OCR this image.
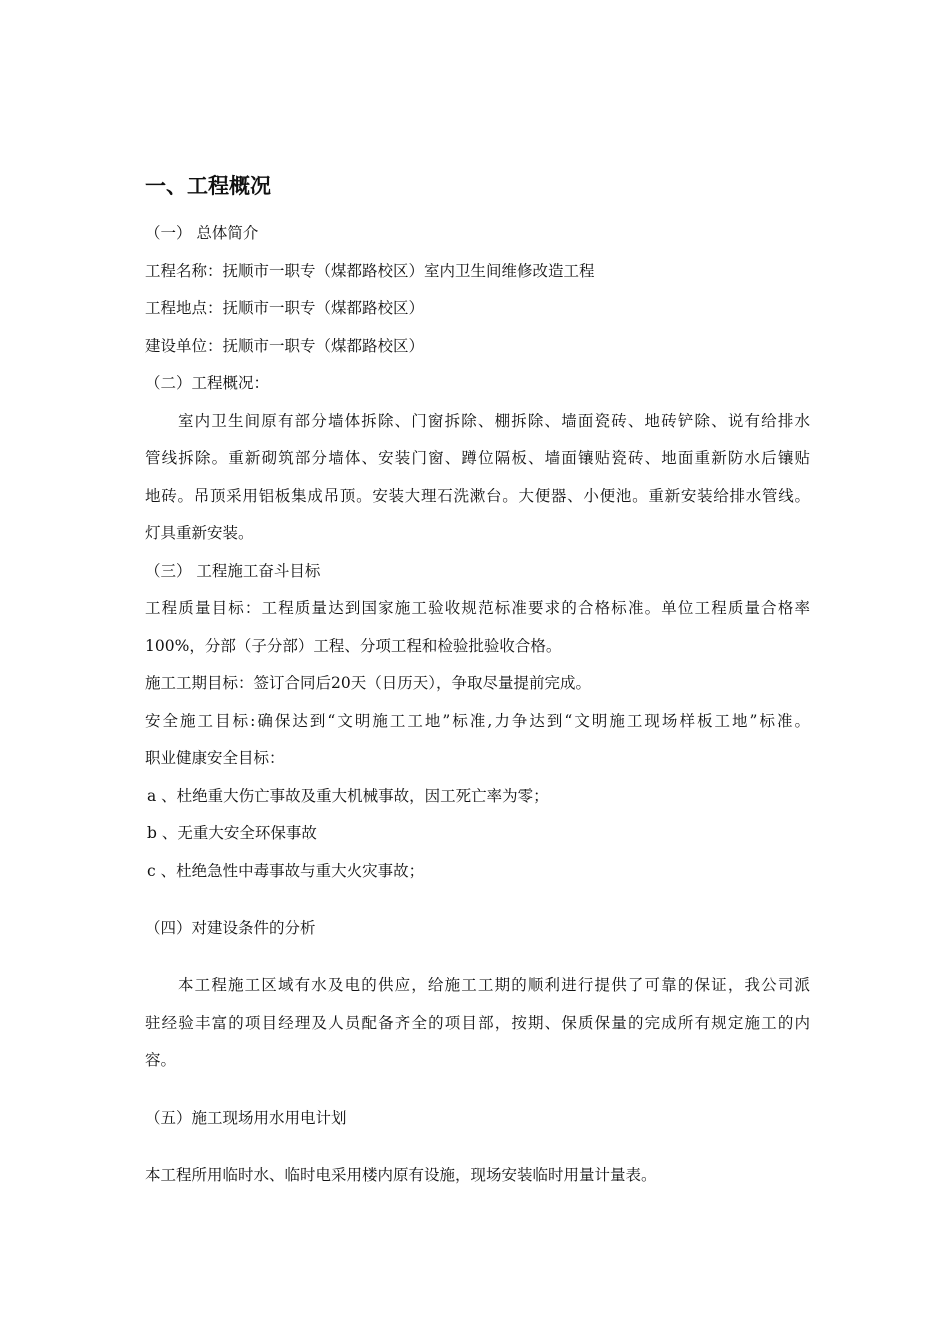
一、工程概况
（一） 总体简介
工程名称：抚顺市一职专（煤都路校区）室内卫生间维修改造工程
工程地点：抚顺市一职专（煤都路校区）
建设单位：抚顺市一职专（煤都路校区）
（二）工程概况：
室内卫生间原有部分墙体拆除、门窗拆除、棚拆除、墙面瓷砖、地砖铲除、说有给排水
管线拆除。重新砌筑部分墙体、安装门窗、蹲位隔板、墙面镶贴瓷砖、地面重新防水后镶贴
地砖。吊顶采用铝板集成吊顶。安装大理石洗漱台。大便器、小便池。重新安装给排水管线。
灯具重新安装。
（三） 工程施工奋斗目标
工程质量目标：工程质量达到国家施工验收规范标准要求的合格标准。单位工程质量合格率
100%，分部（子分部）工程、分项工程和检验批验收合格。
施工工期目标：签订合同后20天（日历天），争取尽量提前完成。
安全施工目标:确保达到“文明施工工地”标准,力争达到“文明施工现场样板工地”标准。
职业健康安全目标：
a 、杜绝重大伤亡事故及重大机械事故，因工死亡率为零；
b 、无重大安全环保事故
c 、杜绝急性中毒事故与重大火灾事故；
（四）对建设条件的分析
本工程施工区域有水及电的供应，给施工工期的顺利进行提供了可靠的保证，我公司派
驻经验丰富的项目经理及人员配备齐全的项目部，按期、保质保量的完成所有规定施工的内
容。
（五）施工现场用水用电计划
本工程所用临时水、临时电采用楼内原有设施，现场安装临时用量计量表。
